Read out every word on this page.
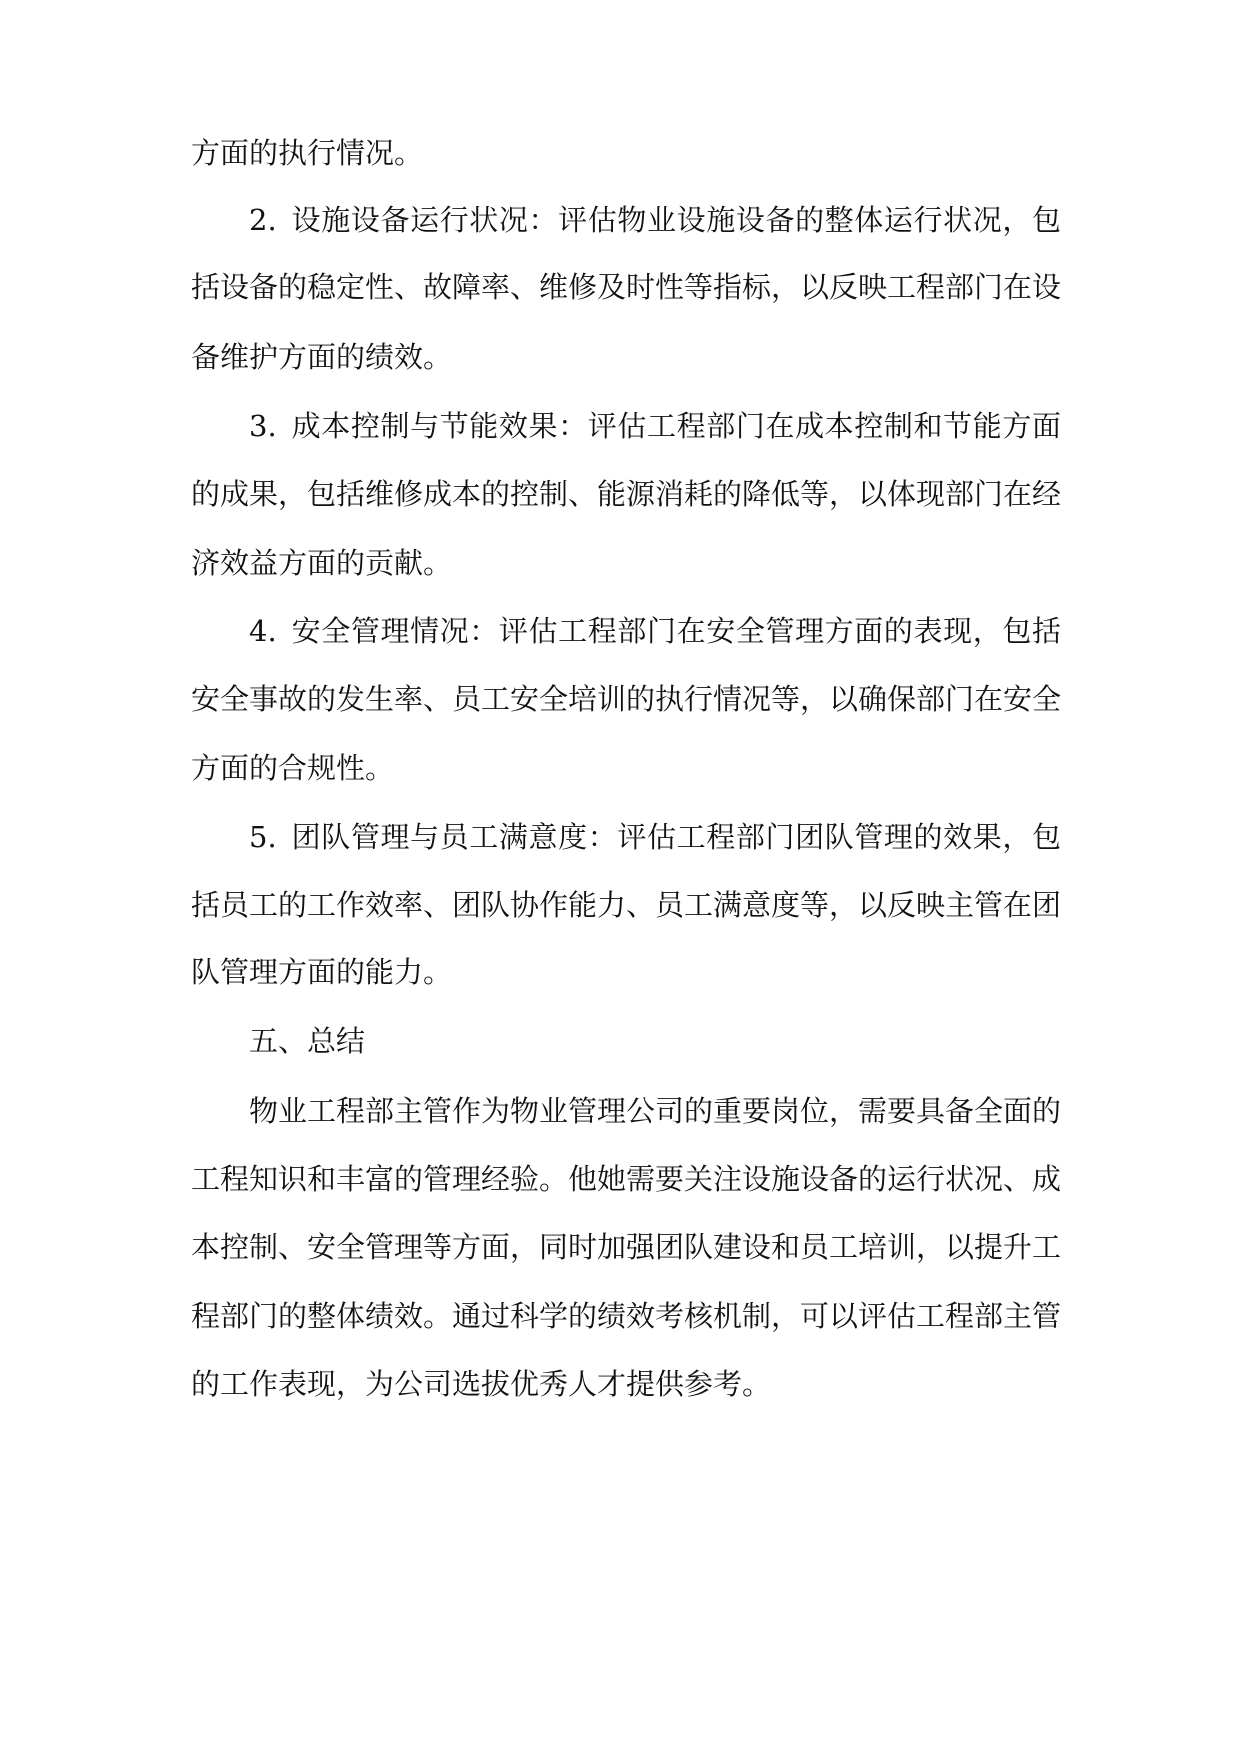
方面的执行情况。
2. 设施设备运行状况：评估物业设施设备的整体运行状况，包
括设备的稳定性、故障率、维修及时性等指标，以反映工程部门在设
备维护方面的绩效。
3. 成本控制与节能效果：评估工程部门在成本控制和节能方面
的成果，包括维修成本的控制、能源消耗的降低等，以体现部门在经
济效益方面的贡献。
4. 安全管理情况：评估工程部门在安全管理方面的表现，包括
安全事故的发生率、员工安全培训的执行情况等，以确保部门在安全
方面的合规性。
5. 团队管理与员工满意度：评估工程部门团队管理的效果，包
括员工的工作效率、团队协作能力、员工满意度等，以反映主管在团
队管理方面的能力。
五、总结
物业工程部主管作为物业管理公司的重要岗位，需要具备全面的
工程知识和丰富的管理经验。他她需要关注设施设备的运行状况、成
本控制、安全管理等方面，同时加强团队建设和员工培训，以提升工
程部门的整体绩效。通过科学的绩效考核机制，可以评估工程部主管
的工作表现，为公司选拔优秀人才提供参考。
